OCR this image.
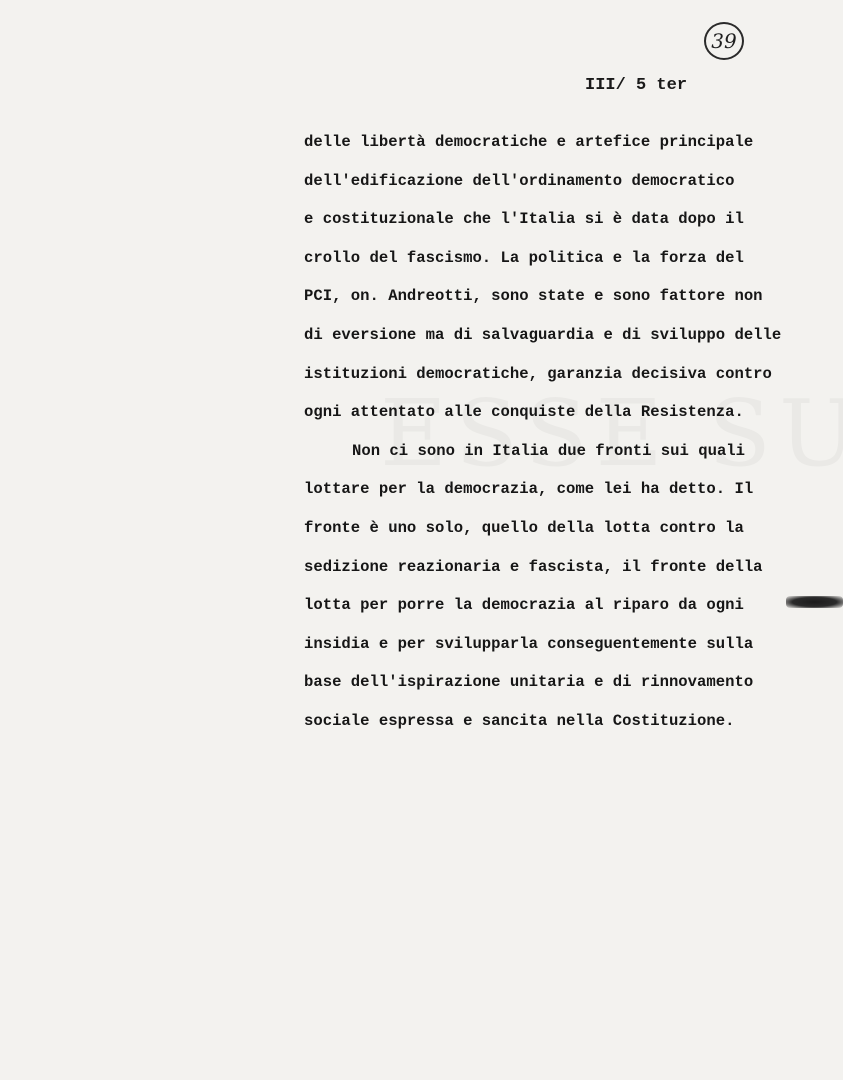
39
III/ 5 ter
delle libertà democratiche e artefice principale
dell'edificazione dell'ordinamento democratico
e costituzionale che l'Italia si è data dopo il
crollo del fascismo. La politica e la forza del
PCI, on. Andreotti, sono state e sono fattore non
di eversione ma di salvaguardia e di sviluppo delle
istituzioni democratiche, garanzia decisiva contro
ogni attentato alle conquiste della Resistenza.
Non ci sono in Italia due fronti sui quali
lottare per la democrazia, come lei ha detto. Il
fronte è uno solo, quello della lotta contro la
sedizione reazionaria e fascista, il fronte della
lotta per porre la democrazia al riparo da ogni
insidia e per svilupparla conseguentemente sulla
base dell'ispirazione unitaria e di rinnovamento
sociale espressa e sancita nella Costituzione.
